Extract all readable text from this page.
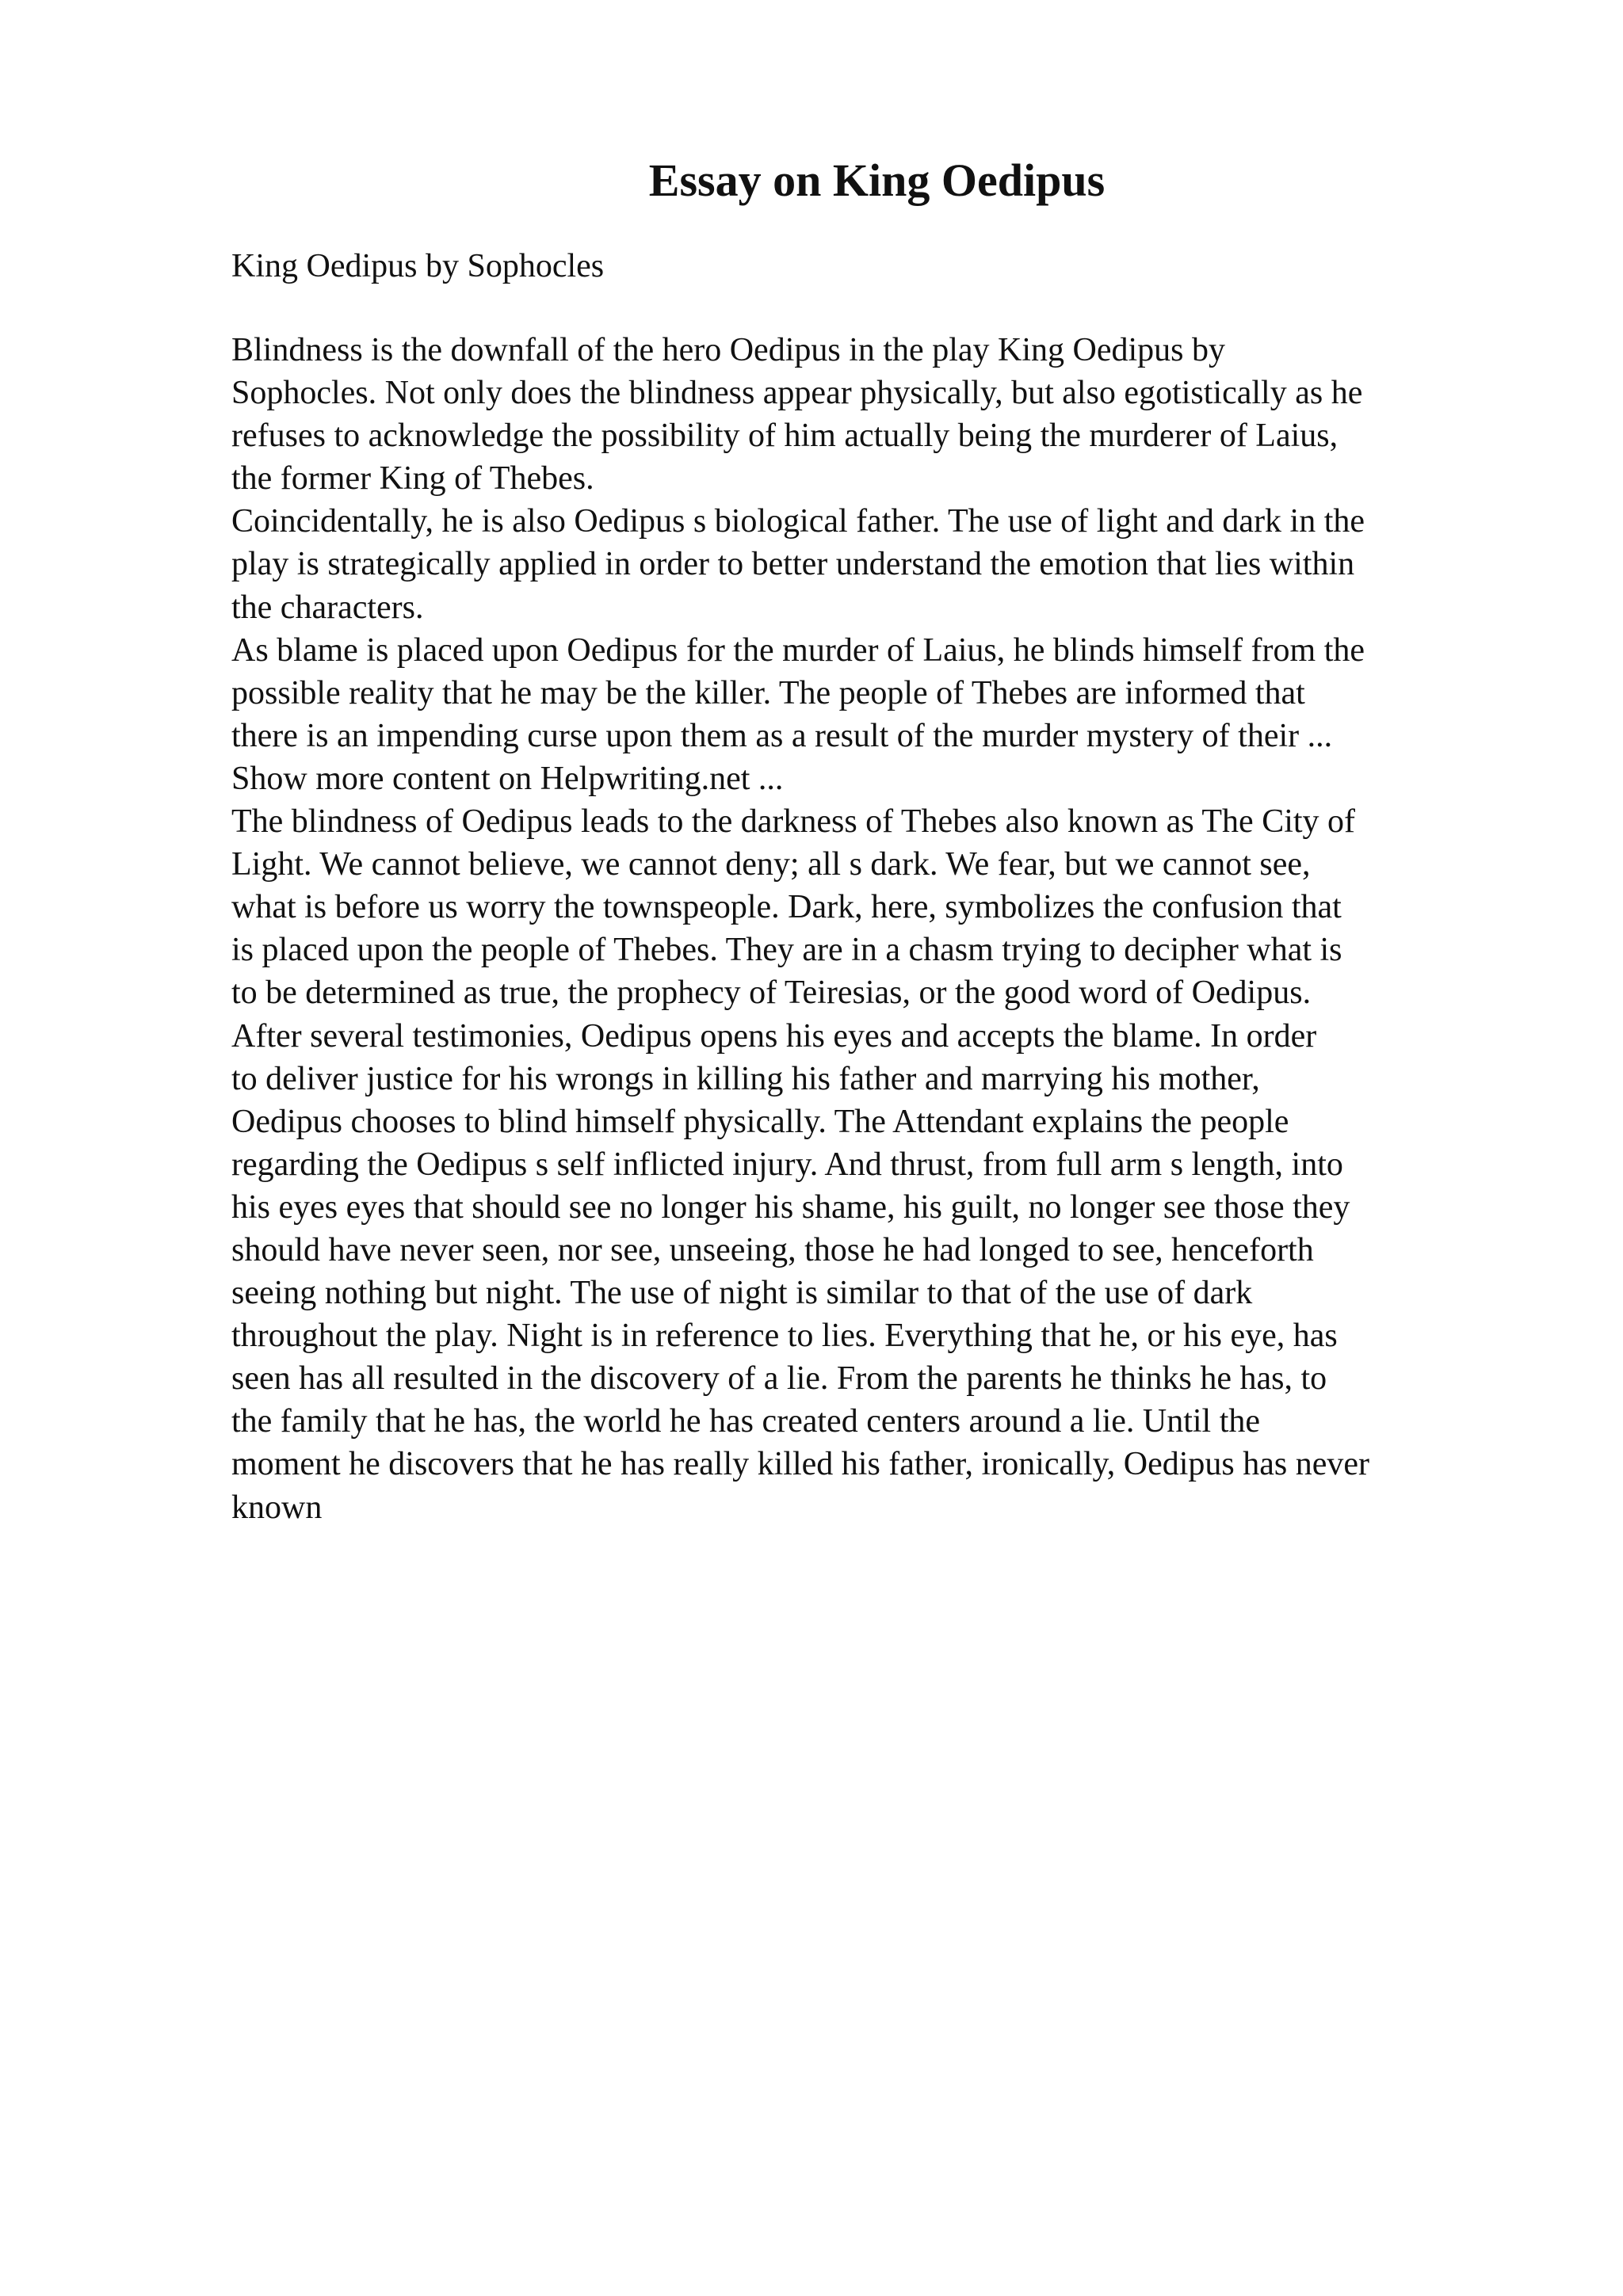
Essay on King Oedipus

King Oedipus by Sophocles

Blindness is the downfall of the hero Oedipus in the play King Oedipus by
Sophocles. Not only does the blindness appear physically, but also egotistically as he
refuses to acknowledge the possibility of him actually being the murderer of Laius,
the former King of Thebes.
Coincidentally, he is also Oedipus s biological father. The use of light and dark in the
play is strategically applied in order to better understand the emotion that lies within
the characters.
As blame is placed upon Oedipus for the murder of Laius, he blinds himself from the
possible reality that he may be the killer. The people of Thebes are informed that
there is an impending curse upon them as a result of the murder mystery of their ...
Show more content on Helpwriting.net ...
The blindness of Oedipus leads to the darkness of Thebes also known as The City of
Light. We cannot believe, we cannot deny; all s dark. We fear, but we cannot see,
what is before us worry the townspeople. Dark, here, symbolizes the confusion that
is placed upon the people of Thebes. They are in a chasm trying to decipher what is
to be determined as true, the prophecy of Teiresias, or the good word of Oedipus.
After several testimonies, Oedipus opens his eyes and accepts the blame. In order
to deliver justice for his wrongs in killing his father and marrying his mother,
Oedipus chooses to blind himself physically. The Attendant explains the people
regarding the Oedipus s self inflicted injury. And thrust, from full arm s length, into
his eyes eyes that should see no longer his shame, his guilt, no longer see those they
should have never seen, nor see, unseeing, those he had longed to see, henceforth
seeing nothing but night. The use of night is similar to that of the use of dark
throughout the play. Night is in reference to lies. Everything that he, or his eye, has
seen has all resulted in the discovery of a lie. From the parents he thinks he has, to
the family that he has, the world he has created centers around a lie. Until the
moment he discovers that he has really killed his father, ironically, Oedipus has never
known
